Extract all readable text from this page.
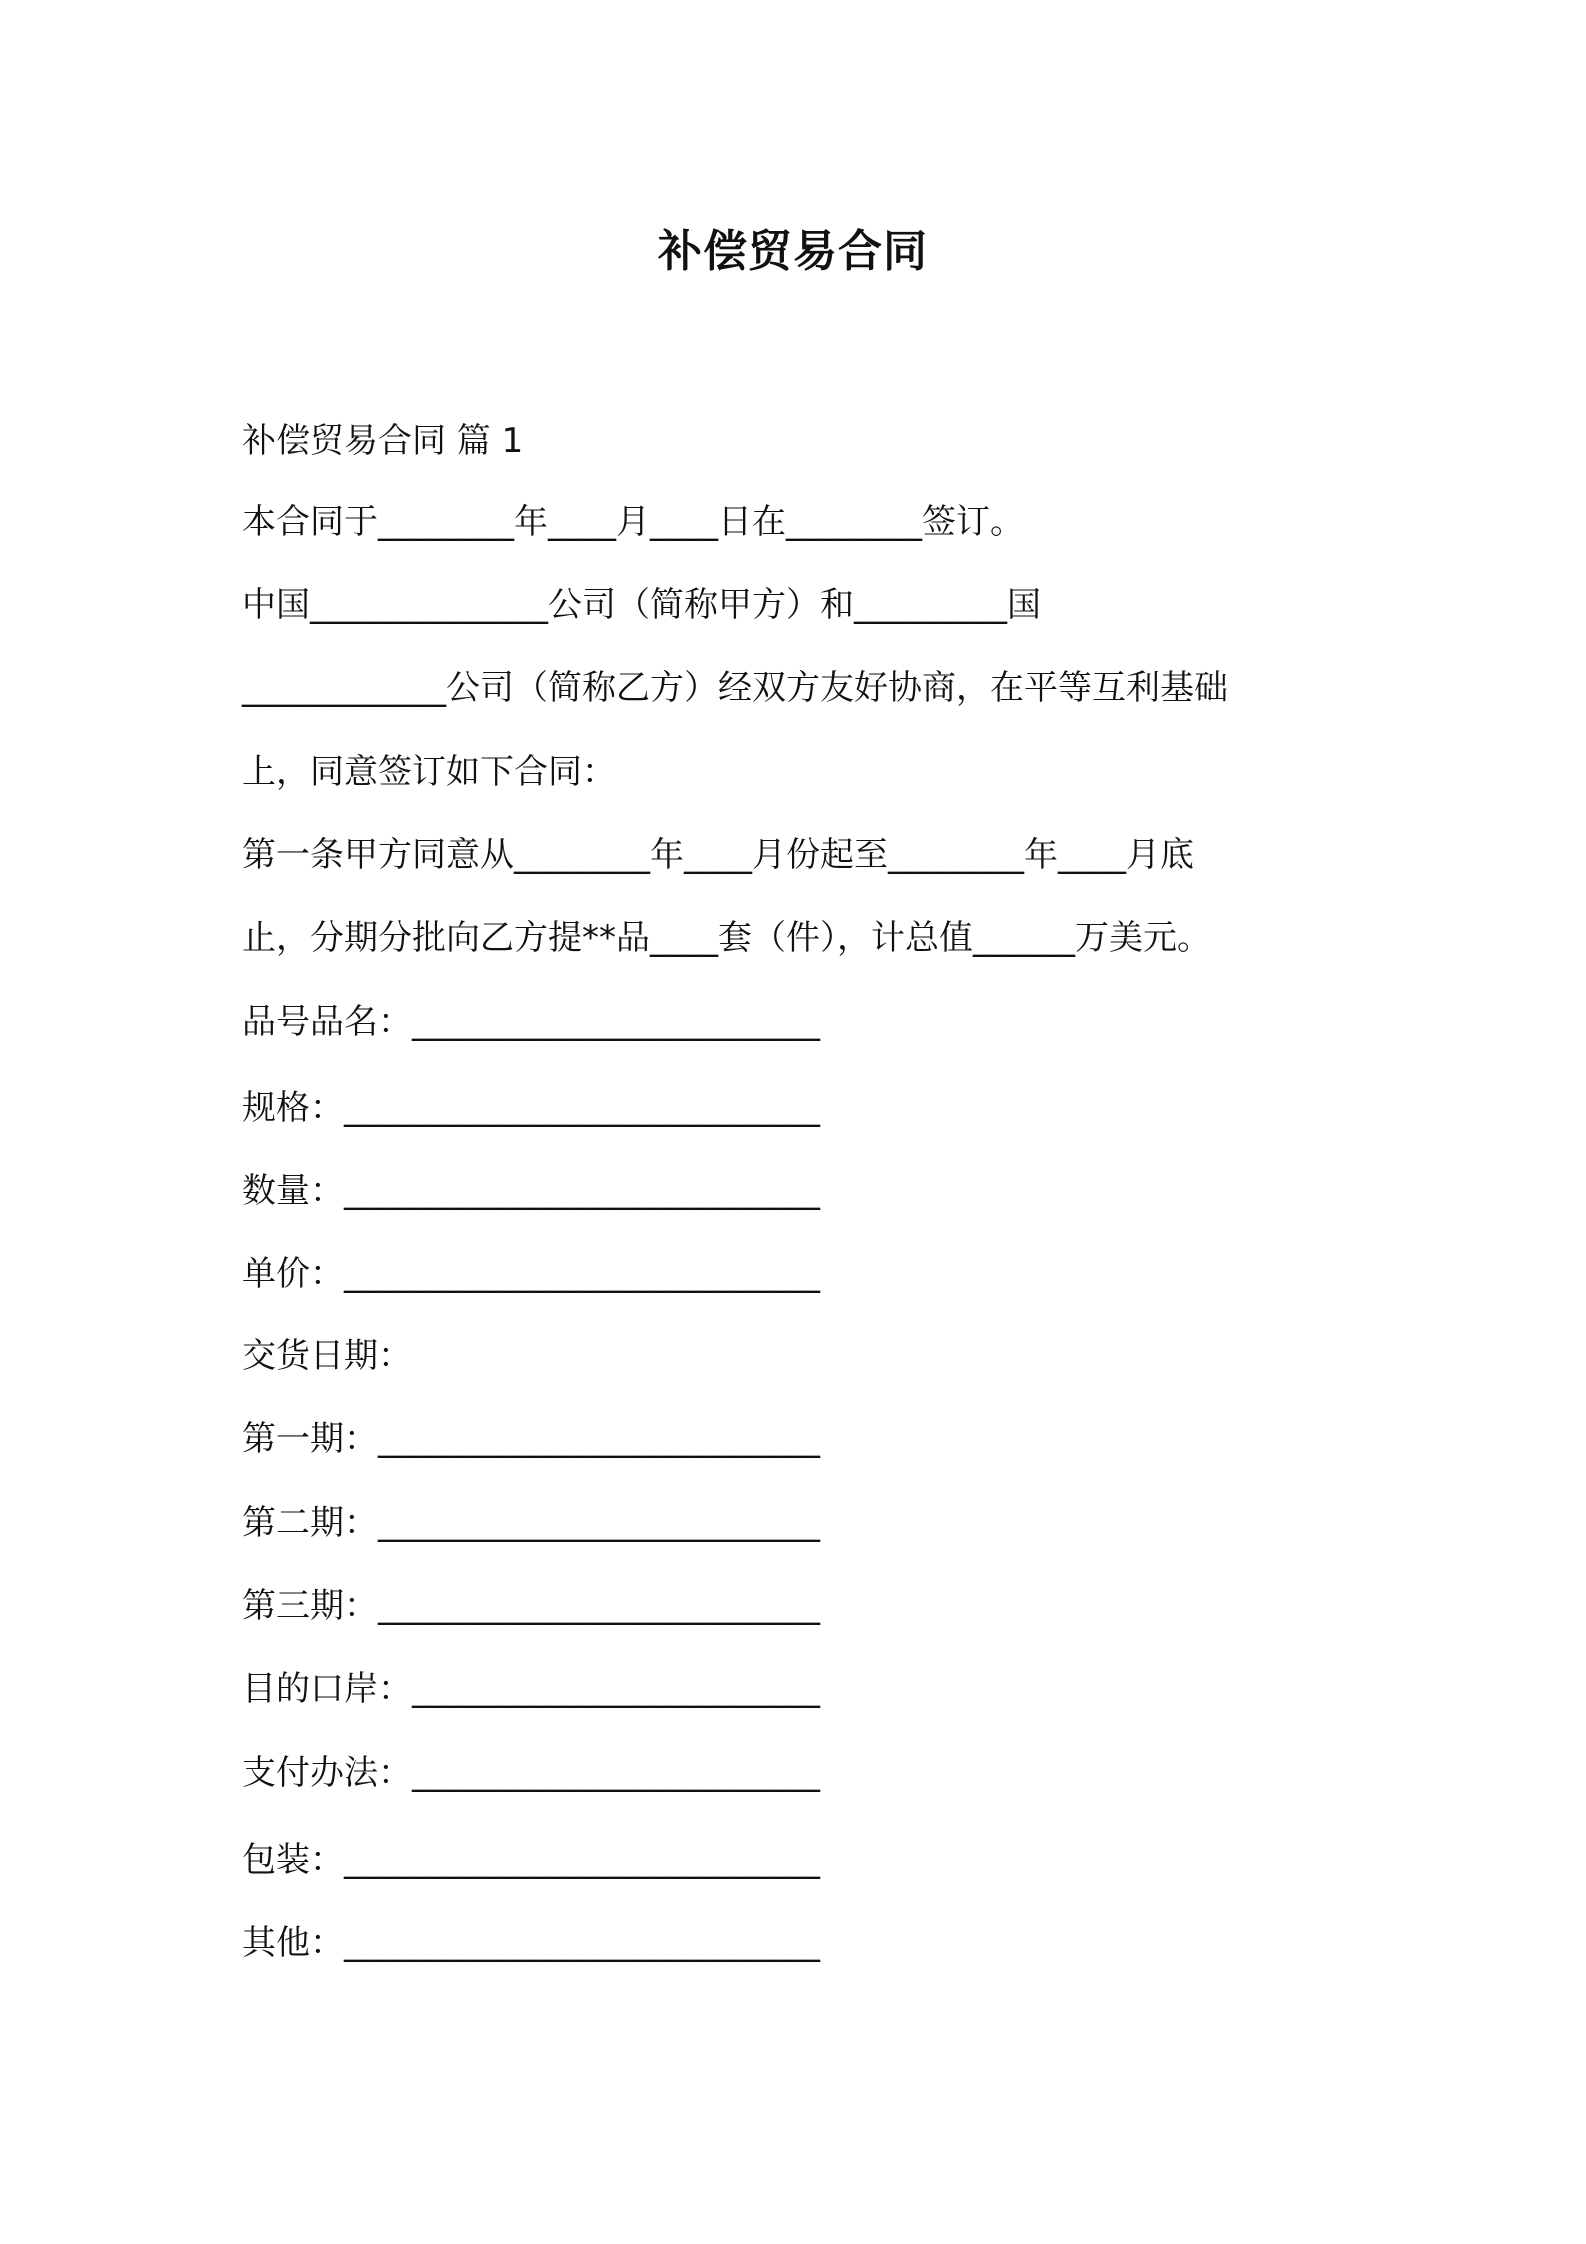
补偿贸易合同
补偿贸易合同 篇 1
本合同于________年____月____日在________签订。
中国______________公司（简称甲方）和_________国
____________公司（简称乙方）经双方友好协商，在平等互利基础
上，同意签订如下合同：
第一条甲方同意从________年____月份起至________年____月底
止，分期分批向乙方提**品____套（件），计总值______万美元。
品号品名：________________________
规格：____________________________
数量：____________________________
单价：____________________________
交货日期：
第一期：__________________________
第二期：__________________________
第三期：__________________________
目的口岸：________________________
支付办法：________________________
包装：____________________________
其他：____________________________
